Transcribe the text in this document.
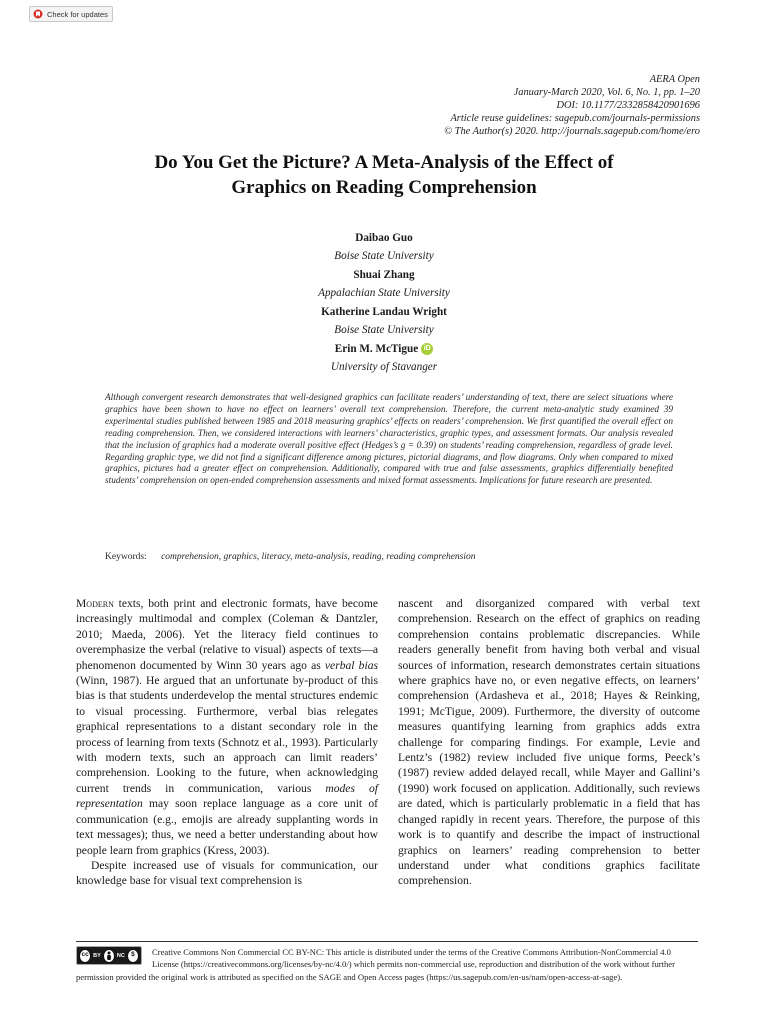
Check for updates
AERA Open
January-March 2020, Vol. 6, No. 1, pp. 1–20
DOI: 10.1177/2332858420901696
Article reuse guidelines: sagepub.com/journals-permissions
© The Author(s) 2020. http://journals.sagepub.com/home/ero
Do You Get the Picture? A Meta-Analysis of the Effect of
Graphics on Reading Comprehension
Daibao Guo
Boise State University
Shuai Zhang
Appalachian State University
Katherine Landau Wright
Boise State University
Erin M. McTigue iD
University of Stavanger

Although convergent research demonstrates that well-designed graphics can facilitate readers’ understanding of text, there are select situations where graphics have been shown to have no effect on learners’ overall text comprehension. Therefore, the current meta-analytic study examined 39 experimental studies published between 1985 and 2018 measuring graphics’ effects on readers’ comprehension. We first quantified the overall effect on reading comprehension. Then, we considered interactions with learners’ characteristics, graphic types, and assessment formats. Our analysis revealed that the inclusion of graphics had a moderate overall positive effect (Hedges’s g = 0.39) on students’ reading comprehension, regardless of grade level. Regarding graphic type, we did not find a significant difference among pictures, pictorial diagrams, and flow diagrams. Only when compared to mixed graphics, pictures had a greater effect on comprehension. Additionally, compared with true and false assessments, graphics differentially benefited students’ comprehension on open-ended comprehension assessments and mixed format assessments. Implications for future research are presented.

Keywords: comprehension, graphics, literacy, meta-analysis, reading, reading comprehension

Modern texts, both print and electronic formats, have become increasingly multimodal and complex (Coleman & Dantzler, 2010; Maeda, 2006). Yet the literacy field continues to overemphasize the verbal (relative to visual) aspects of texts—a phenomenon documented by Winn 30 years ago as verbal bias (Winn, 1987). He argued that an unfortunate by-product of this bias is that students underdevelop the mental structures endemic to visual processing. Furthermore, verbal bias relegates graphical representations to a distant secondary role in the process of learning from texts (Schnotz et al., 1993). Particularly with modern texts, such an approach can limit readers’ comprehension. Looking to the future, when acknowledging current trends in communication, various modes of representation may soon replace language as a core unit of communication (e.g., emojis are already supplanting words in text messages); thus, we need a better understanding about how people learn from graphics (Kress, 2003).

Despite increased use of visuals for communication, our knowledge base for visual text comprehension is

nascent and disorganized compared with verbal text comprehension. Research on the effect of graphics on reading comprehension contains problematic discrepancies. While readers generally benefit from having both verbal and visual sources of information, research demonstrates certain situations where graphics have no, or even negative effects, on learners’ comprehension (Ardasheva et al., 2018; Hayes & Reinking, 1991; McTigue, 2009). Furthermore, the diversity of outcome measures quantifying learning from graphics adds extra challenge for comparing findings. For example, Levie and Lentz’s (1982) review included five unique forms, Peeck’s (1987) review added delayed recall, while Mayer and Gallini’s (1990) work focused on application. Additionally, such reviews are dated, which is particularly problematic in a field that has changed rapidly in recent years. Therefore, the purpose of this work is to quantify and describe the impact of instructional graphics on learners’ reading comprehension to better understand under what conditions graphics facilitate comprehension.

cc BY	NC $	Creative Commons Non Commercial CC BY-NC: This article is distributed under the terms of the Creative Commons Attribution-NonCommercial 4.0 License (https://creativecommons.org/licenses/by-nc/4.0/) which permits non-commercial use, reproduction and distribution of the work without further permission provided the original work is attributed as specified on the SAGE and Open Access pages (https://us.sagepub.com/en-us/nam/open-access-at-sage).
